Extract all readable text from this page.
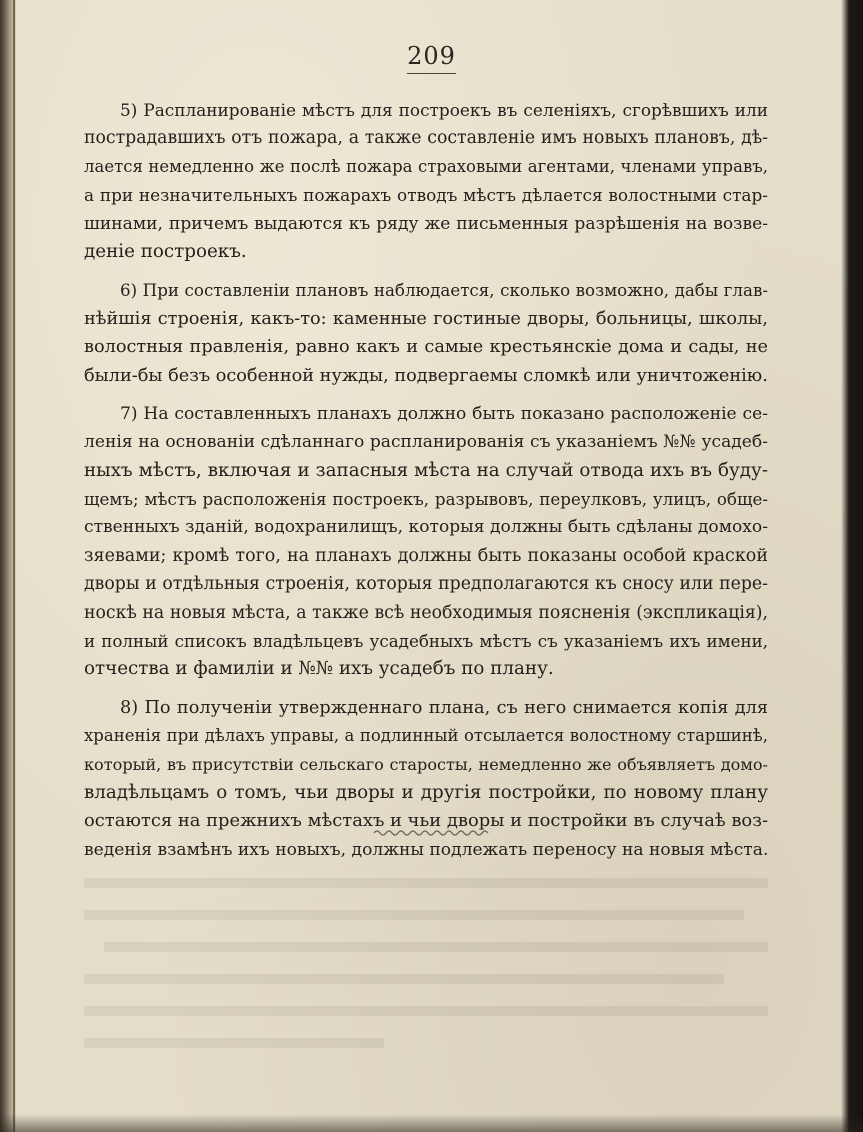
209
5) Распланированіе мѣстъ для построекъ въ селеніяхъ, сгорѣвшихъ или
пострадавшихъ отъ пожара, а также составленіе имъ новыхъ плановъ, дѣ-
лается немедленно же послѣ пожара страховыми агентами, членами управъ,
а при незначительныхъ пожарахъ отводъ мѣстъ дѣлается волостными стар-
шинами, причемъ выдаются къ ряду же письменныя разрѣшенія на возве-
деніе построекъ.
6) При составленіи плановъ наблюдается, сколько возможно, дабы глав-
нѣйшія строенія, какъ-то: каменные гостиные дворы, больницы, школы,
волостныя правленія, равно какъ и самые крестьянскіе дома и сады, не
были-бы безъ особенной нужды, подвергаемы сломкѣ или уничтоженію.
7) На составленныхъ планахъ должно быть показано расположеніе се-
ленія на основаніи сдѣланнаго распланированія съ указаніемъ №№ усадеб-
ныхъ мѣстъ, включая и запасныя мѣста на случай отвода ихъ въ буду-
щемъ; мѣстъ расположенія построекъ, разрывовъ, переулковъ, улицъ, обще-
ственныхъ зданій, водохранилищъ, которыя должны быть сдѣланы домохо-
зяевами; кромѣ того, на планахъ должны быть показаны особой краской
дворы и отдѣльныя строенія, которыя предполагаются къ сносу или пере-
носкѣ на новыя мѣста, а также всѣ необходимыя поясненія (экспликація),
и полный списокъ владѣльцевъ усадебныхъ мѣстъ съ указаніемъ ихъ имени,
отчества и фамиліи и №№ ихъ усадебъ по плану.
8) По полученіи утвержденнаго плана, съ него снимается копія для
храненія при дѣлахъ управы, а подлинный отсылается волостному старшинѣ,
который, въ присутствіи сельскаго старосты, немедленно же объявляетъ домо-
владѣльцамъ о томъ, чьи дворы и другія постройки, по новому плану
остаются на прежнихъ мѣстахъ и чьи дворы и постройки въ случаѣ воз-
веденія взамѣнъ ихъ новыхъ, должны подлежать переносу на новыя мѣста.
